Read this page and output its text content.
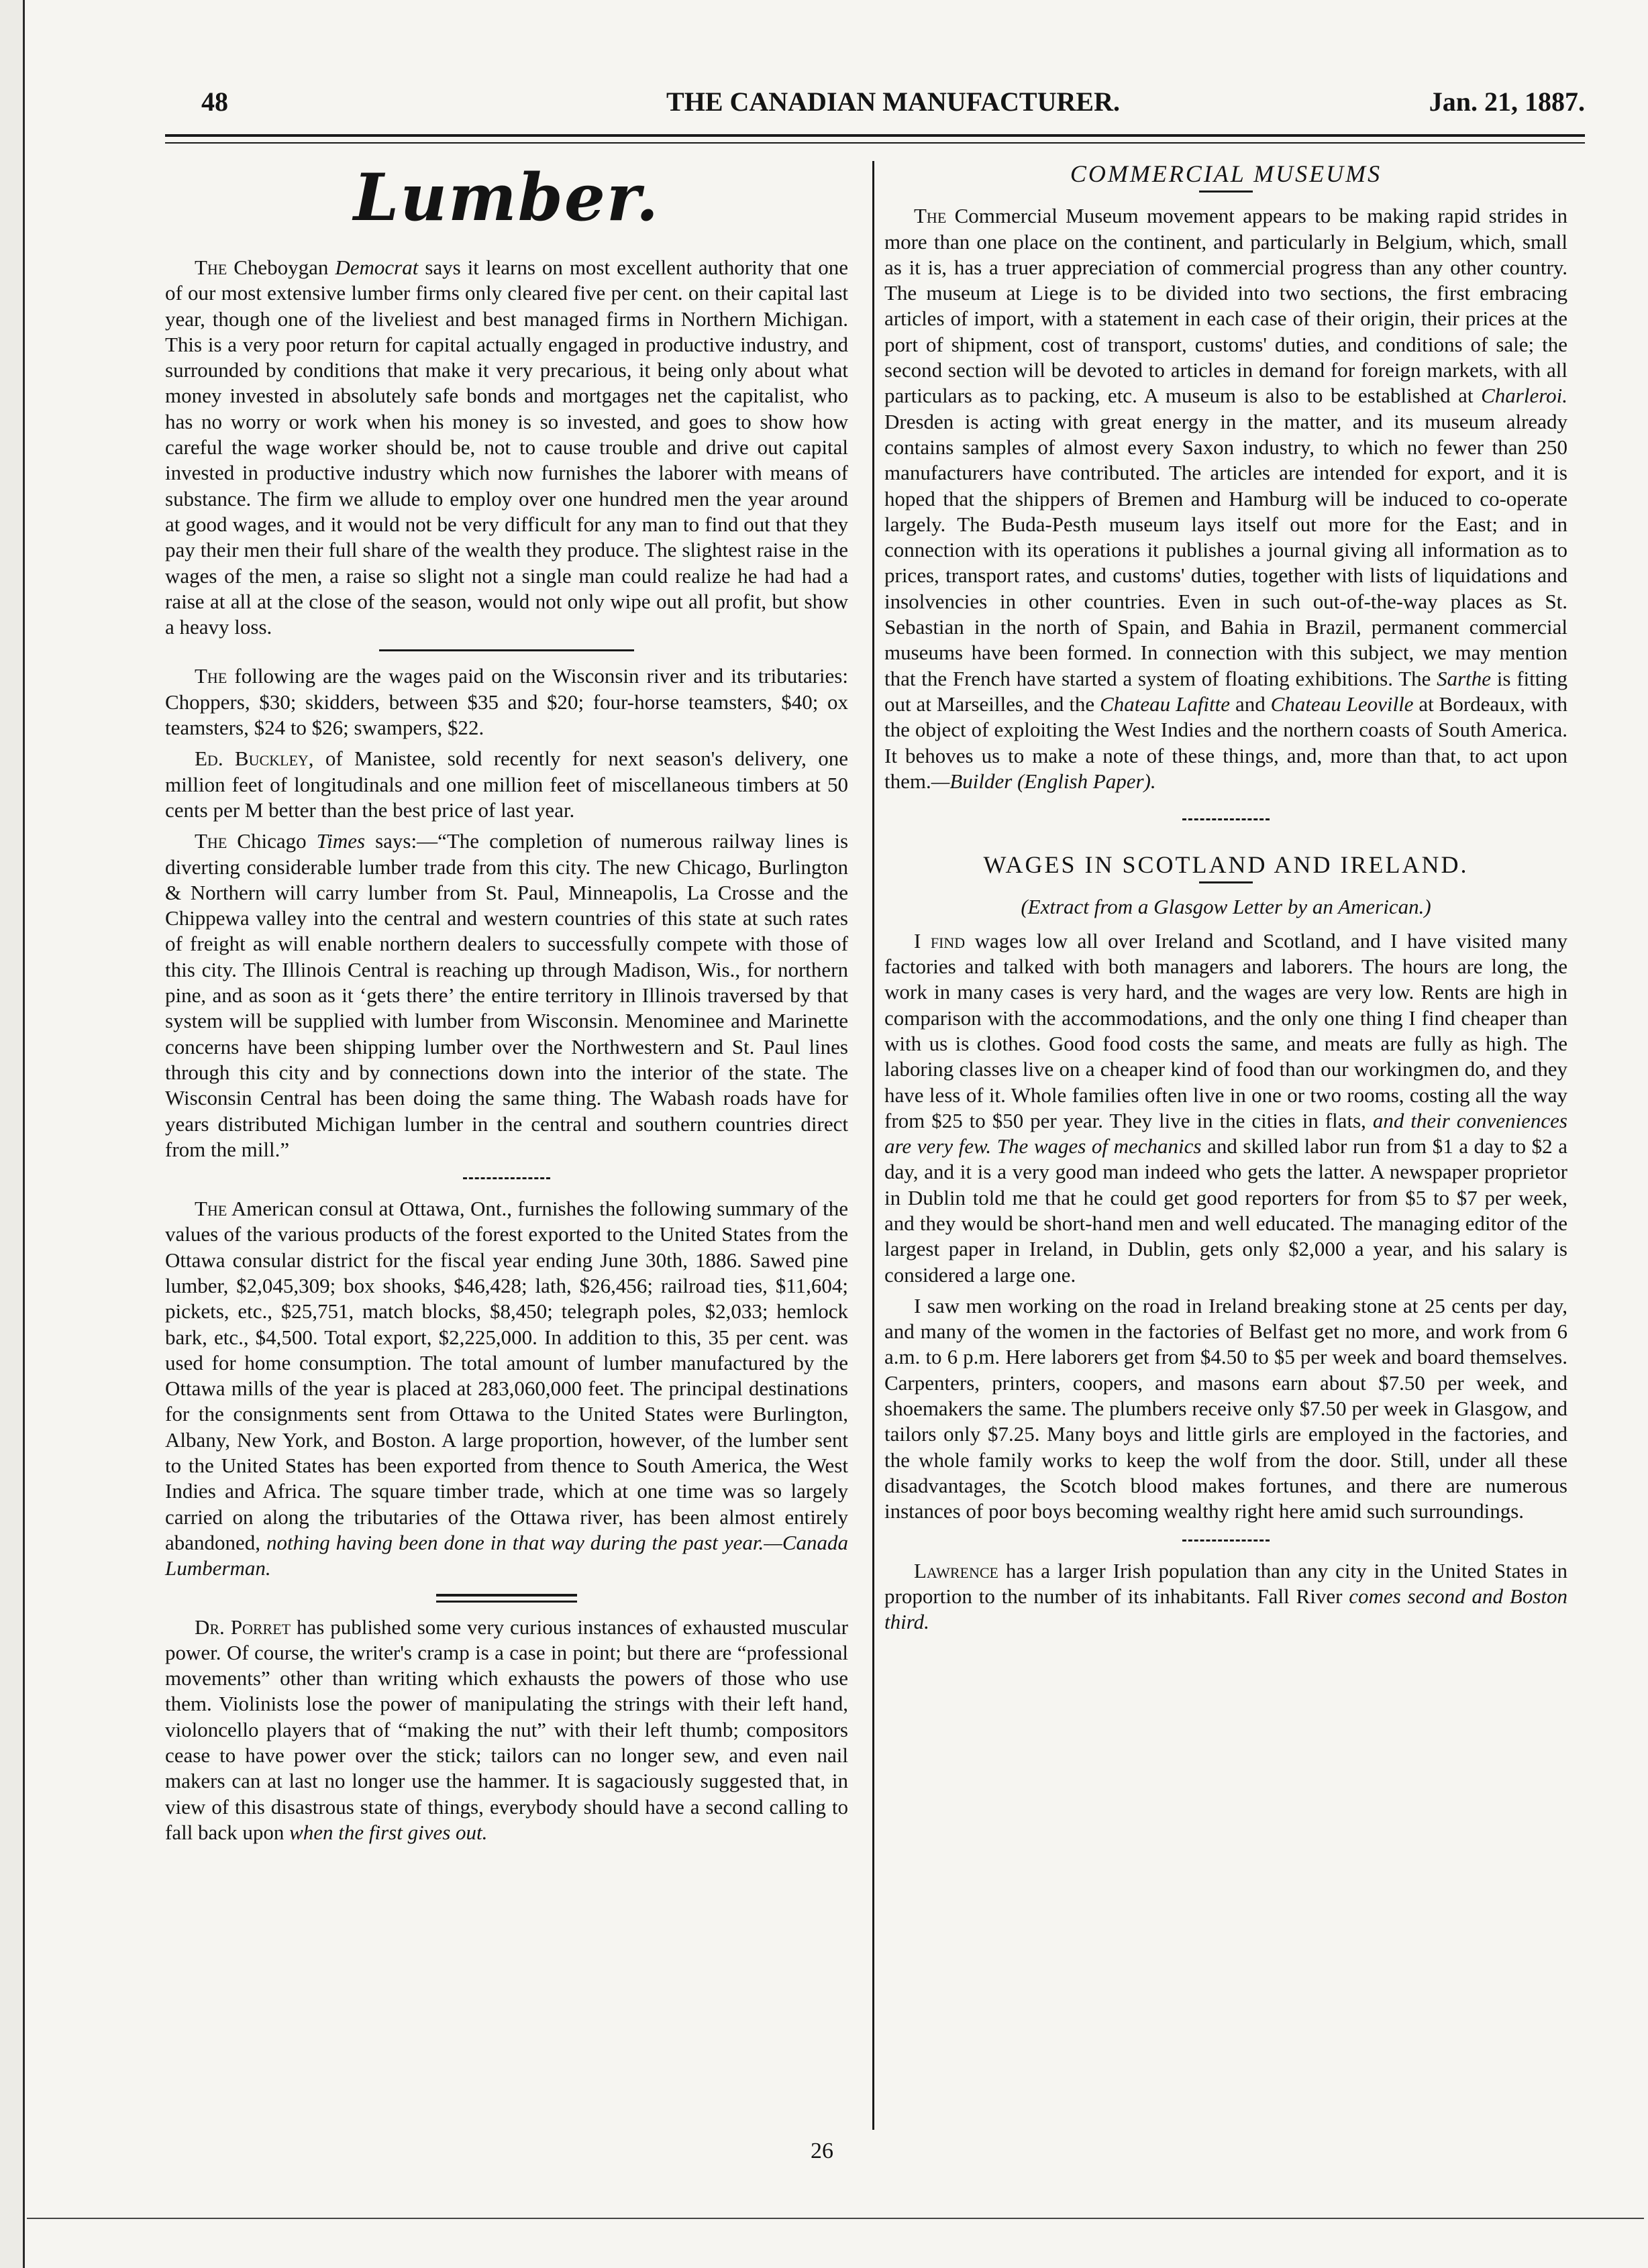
48	THE CANADIAN MANUFACTURER.	Jan. 21, 1887.
Lumber.

The Cheboygan Democrat says it learns on most excellent authority that one of our most extensive lumber firms only cleared five per cent. on their capital last year, though one of the liveliest and best managed firms in Northern Michigan. This is a very poor return for capital actually engaged in productive industry, and surrounded by conditions that make it very precarious, it being only about what money invested in absolutely safe bonds and mortgages net the capitalist, who has no worry or work when his money is so invested, and goes to show how careful the wage worker should be, not to cause trouble and drive out capital invested in productive industry which now furnishes the laborer with means of substance. The firm we allude to employ over one hundred men the year around at good wages, and it would not be very difficult for any man to find out that they pay their men their full share of the wealth they produce. The slightest raise in the wages of the men, a raise so slight not a single man could realize he had had a raise at all at the close of the season, would not only wipe out all profit, but show a heavy loss.

The following are the wages paid on the Wisconsin river and its tributaries: Choppers, $30; skidders, between $35 and $20; four-horse teamsters, $40; ox teamsters, $24 to $26; swampers, $22.

Ed. Buckley, of Manistee, sold recently for next season's delivery, one million feet of longitudinals and one million feet of miscellaneous timbers at 50 cents per M better than the best price of last year.

The Chicago Times says:—“The completion of numerous railway lines is diverting considerable lumber trade from this city. The new Chicago, Burlington & Northern will carry lumber from St. Paul, Minneapolis, La Crosse and the Chippewa valley into the central and western countries of this state at such rates of freight as will enable northern dealers to successfully compete with those of this city. The Illinois Central is reaching up through Madison, Wis., for northern pine, and as soon as it ‘gets there’ the entire territory in Illinois traversed by that system will be supplied with lumber from Wisconsin. Menominee and Marinette concerns have been shipping lumber over the Northwestern and St. Paul lines through this city and by connections down into the interior of the state. The Wisconsin Central has been doing the same thing. The Wabash roads have for years distributed Michigan lumber in the central and southern countries direct from the mill.”

The American consul at Ottawa, Ont., furnishes the following summary of the values of the various products of the forest exported to the United States from the Ottawa consular district for the fiscal year ending June 30th, 1886. Sawed pine lumber, $2,045,309; box shooks, $46,428; lath, $26,456; railroad ties, $11,604; pickets, etc., $25,751, match blocks, $8,450; telegraph poles, $2,033; hemlock bark, etc., $4,500. Total export, $2,225,000. In addition to this, 35 per cent. was used for home consumption. The total amount of lumber manufactured by the Ottawa mills of the year is placed at 283,060,000 feet. The principal destinations for the consignments sent from Ottawa to the United States were Burlington, Albany, New York, and Boston. A large proportion, however, of the lumber sent to the United States has been exported from thence to South America, the West Indies and Africa. The square timber trade, which at one time was so largely carried on along the tributaries of the Ottawa river, has been almost entirely abandoned, nothing having been done in that way during the past year.—Canada Lumberman.

Dr. Porret has published some very curious instances of exhausted muscular power. Of course, the writer's cramp is a case in point; but there are “professional movements” other than writing which exhausts the powers of those who use them. Violinists lose the power of manipulating the strings with their left hand, violoncello players that of “making the nut” with their left thumb; compositors cease to have power over the stick; tailors can no longer sew, and even nail makers can at last no longer use the hammer. It is sagaciously suggested that, in view of this disastrous state of things, everybody should have a second calling to fall back upon when the first gives out.

COMMERCIAL MUSEUMS

The Commercial Museum movement appears to be making rapid strides in more than one place on the continent, and particularly in Belgium, which, small as it is, has a truer appreciation of commercial progress than any other country. The museum at Liege is to be divided into two sections, the first embracing articles of import, with a statement in each case of their origin, their prices at the port of shipment, cost of transport, customs' duties, and conditions of sale; the second section will be devoted to articles in demand for foreign markets, with all particulars as to packing, etc. A museum is also to be established at Charleroi. Dresden is acting with great energy in the matter, and its museum already contains samples of almost every Saxon industry, to which no fewer than 250 manufacturers have contributed. The articles are intended for export, and it is hoped that the shippers of Bremen and Hamburg will be induced to co-operate largely. The Buda-Pesth museum lays itself out more for the East; and in connection with its operations it publishes a journal giving all information as to prices, transport rates, and customs' duties, together with lists of liquidations and insolvencies in other countries. Even in such out-of-the-way places as St. Sebastian in the north of Spain, and Bahia in Brazil, permanent commercial museums have been formed. In connection with this subject, we may mention that the French have started a system of floating exhibitions. The Sarthe is fitting out at Marseilles, and the Chateau Lafitte and Chateau Leoville at Bordeaux, with the object of exploiting the West Indies and the northern coasts of South America. It behoves us to make a note of these things, and, more than that, to act upon them.—Builder (English Paper).

WAGES IN SCOTLAND AND IRELAND.
(Extract from a Glasgow Letter by an American.)

I find wages low all over Ireland and Scotland, and I have visited many factories and talked with both managers and laborers. The hours are long, the work in many cases is very hard, and the wages are very low. Rents are high in comparison with the accommodations, and the only one thing I find cheaper than with us is clothes. Good food costs the same, and meats are fully as high. The laboring classes live on a cheaper kind of food than our workingmen do, and they have less of it. Whole families often live in one or two rooms, costing all the way from $25 to $50 per year. They live in the cities in flats, and their conveniences are very few. The wages of mechanics and skilled labor run from $1 a day to $2 a day, and it is a very good man indeed who gets the latter. A newspaper proprietor in Dublin told me that he could get good reporters for from $5 to $7 per week, and they would be short-hand men and well educated. The managing editor of the largest paper in Ireland, in Dublin, gets only $2,000 a year, and his salary is considered a large one.

I saw men working on the road in Ireland breaking stone at 25 cents per day, and many of the women in the factories of Belfast get no more, and work from 6 a.m. to 6 p.m. Here laborers get from $4.50 to $5 per week and board themselves. Carpenters, printers, coopers, and masons earn about $7.50 per week, and shoemakers the same. The plumbers receive only $7.50 per week in Glasgow, and tailors only $7.25. Many boys and little girls are employed in the factories, and the whole family works to keep the wolf from the door. Still, under all these disadvantages, the Scotch blood makes fortunes, and there are numerous instances of poor boys becoming wealthy right here amid such surroundings.

Lawrence has a larger Irish population than any city in the United States in proportion to the number of its inhabitants. Fall River comes second and Boston third.

26
